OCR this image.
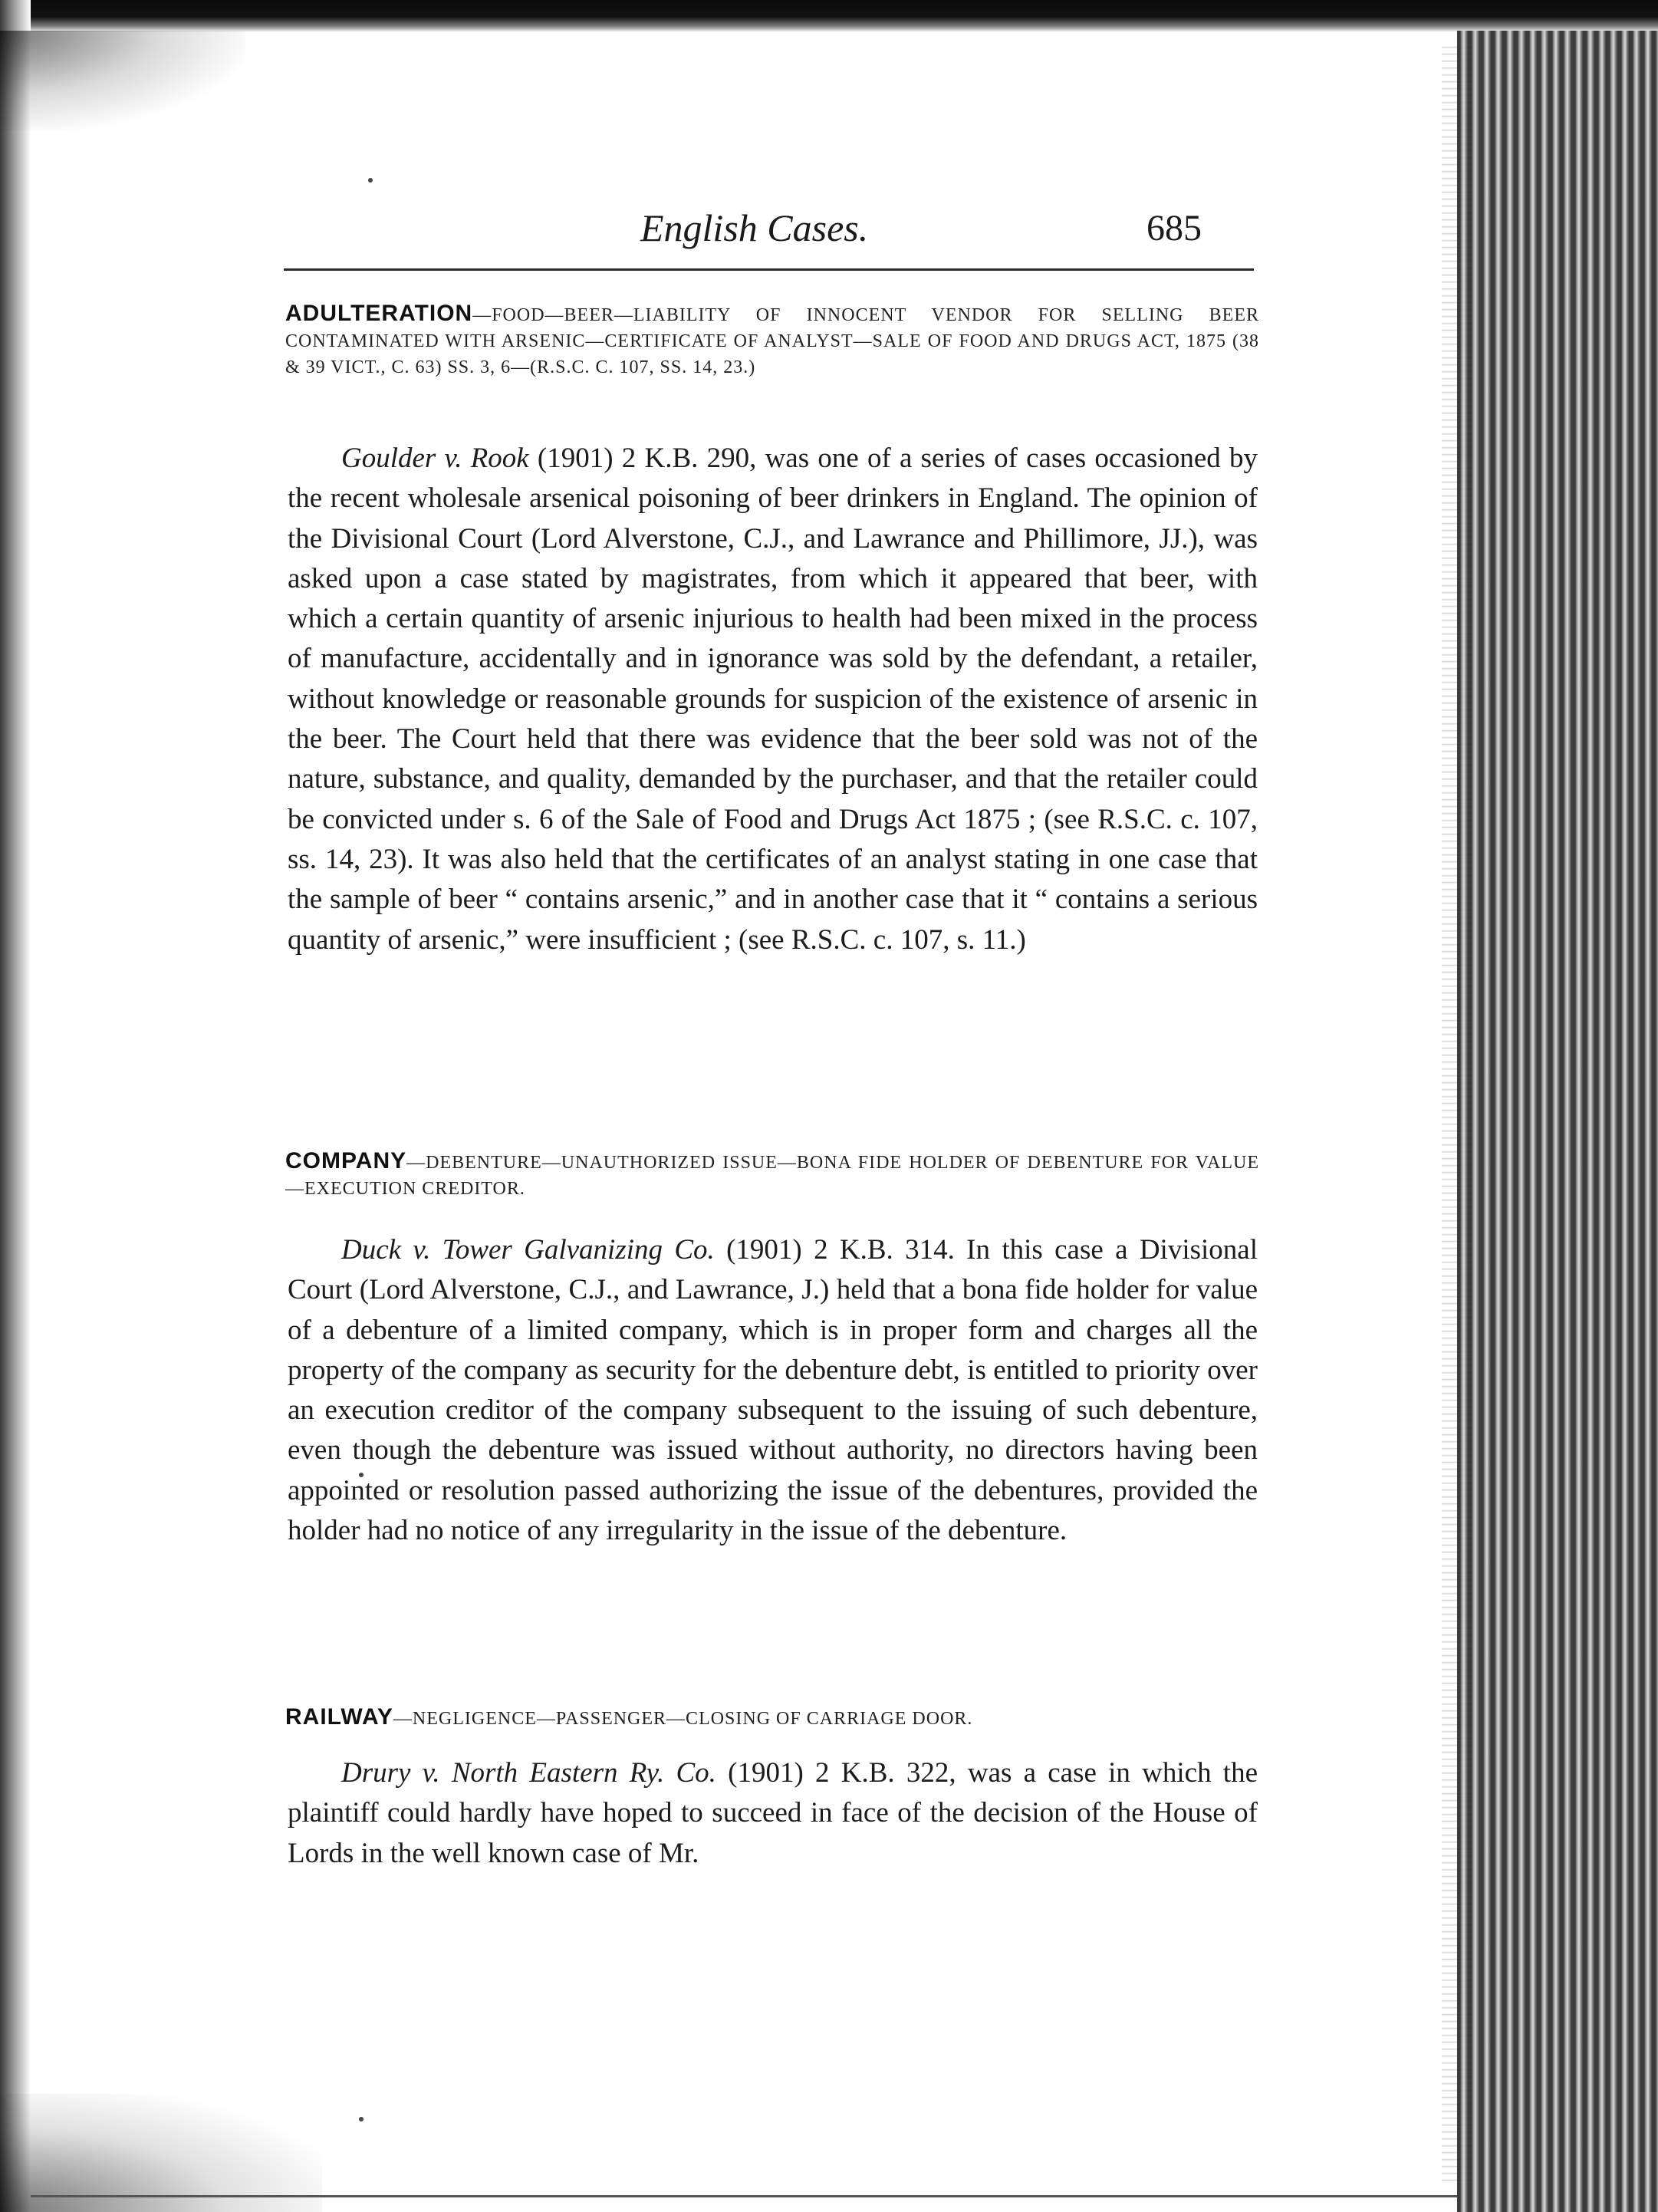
English Cases.	685
ADULTERATION—FOOD—BEER—LIABILITY OF INNOCENT VENDOR FOR SELLING BEER CONTAMINATED WITH ARSENIC—CERTIFICATE OF ANALYST—SALE OF FOOD AND DRUGS ACT, 1875 (38 & 39 VICT., C. 63) SS. 3, 6—(R.S.C. C. 107, SS. 14, 23.)
Goulder v. Rook (1901) 2 K.B. 290, was one of a series of cases occasioned by the recent wholesale arsenical poisoning of beer drinkers in England. The opinion of the Divisional Court (Lord Alverstone, C.J., and Lawrance and Phillimore, JJ.), was asked upon a case stated by magistrates, from which it appeared that beer, with which a certain quantity of arsenic injurious to health had been mixed in the process of manufacture, accidentally and in ignorance was sold by the defendant, a retailer, without knowledge or reasonable grounds for suspicion of the existence of arsenic in the beer. The Court held that there was evidence that the beer sold was not of the nature, substance, and quality, demanded by the purchaser, and that the retailer could be convicted under s. 6 of the Sale of Food and Drugs Act 1875 ; (see R.S.C. c. 107, ss. 14, 23). It was also held that the certificates of an analyst stating in one case that the sample of beer “ contains arsenic,” and in another case that it “ contains a serious quantity of arsenic,” were insufficient ; (see R.S.C. c. 107, s. 11.)
COMPANY—DEBENTURE—UNAUTHORIZED ISSUE—BONA FIDE HOLDER OF DEBENTURE FOR VALUE—EXECUTION CREDITOR.
Duck v. Tower Galvanizing Co. (1901) 2 K.B. 314. In this case a Divisional Court (Lord Alverstone, C.J., and Lawrance, J.) held that a bona fide holder for value of a debenture of a limited company, which is in proper form and charges all the property of the company as security for the debenture debt, is entitled to priority over an execution creditor of the company subsequent to the issuing of such debenture, even though the debenture was issued without authority, no directors having been appointed or resolution passed authorizing the issue of the debentures, provided the holder had no notice of any irregularity in the issue of the debenture.
RAILWAY—NEGLIGENCE—PASSENGER—CLOSING OF CARRIAGE DOOR.
Drury v. North Eastern Ry. Co. (1901) 2 K.B. 322, was a case in which the plaintiff could hardly have hoped to succeed in face of the decision of the House of Lords in the well known case of Mr.
